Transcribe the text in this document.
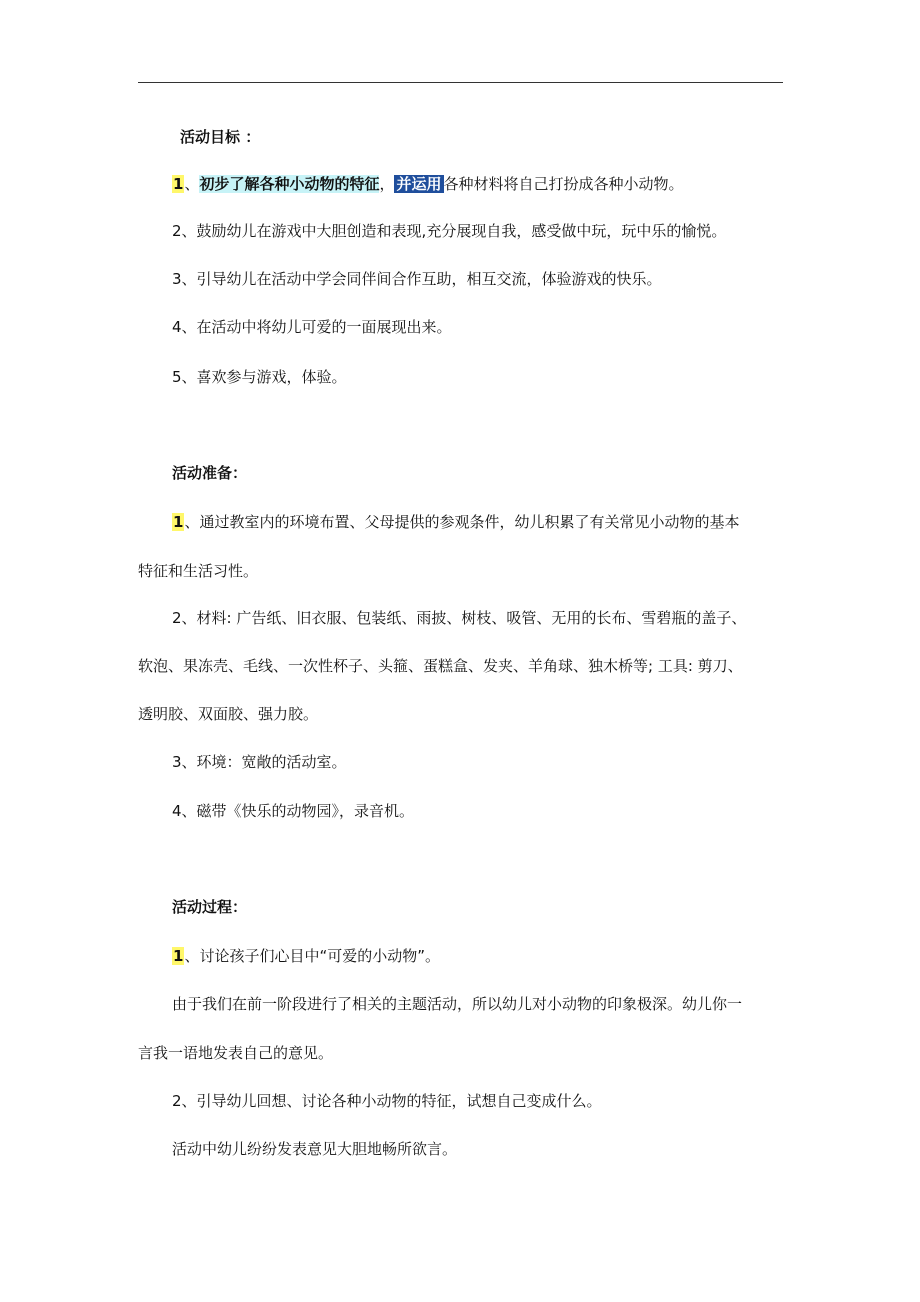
活动目标 ：
1、初步了解各种小动物的特征， 并运用 各种材料将自己打扮成各种小动物。
2、鼓励幼儿在游戏中大胆创造和表现,充分展现自我，感受做中玩，玩中乐的愉悦。
3、引导幼儿在活动中学会同伴间合作互助，相互交流，体验游戏的快乐。
4、在活动中将幼儿可爱的一面展现出来。
5、喜欢参与游戏，体验。
活动准备：
1、通过教室内的环境布置、父母提供的参观条件，幼儿积累了有关常见小动物的基本
特征和生活习性。
2、材料: 广告纸、旧衣服、包装纸、雨披、树枝、吸管、无用的长布、雪碧瓶的盖子、
软泡、果冻壳、毛线、一次性杯子、头箍、蛋糕盒、发夹、羊角球、独木桥等; 工具: 剪刀、
透明胶、双面胶、强力胶。
3、环境：宽敞的活动室。
4、磁带《快乐的动物园》，录音机。
活动过程：
1、讨论孩子们心目中“可爱的小动物”。
由于我们在前一阶段进行了相关的主题活动，所以幼儿对小动物的印象极深。幼儿你一
言我一语地发表自己的意见。
2、引导幼儿回想、讨论各种小动物的特征，试想自己变成什么。
活动中幼儿纷纷发表意见大胆地畅所欲言。
